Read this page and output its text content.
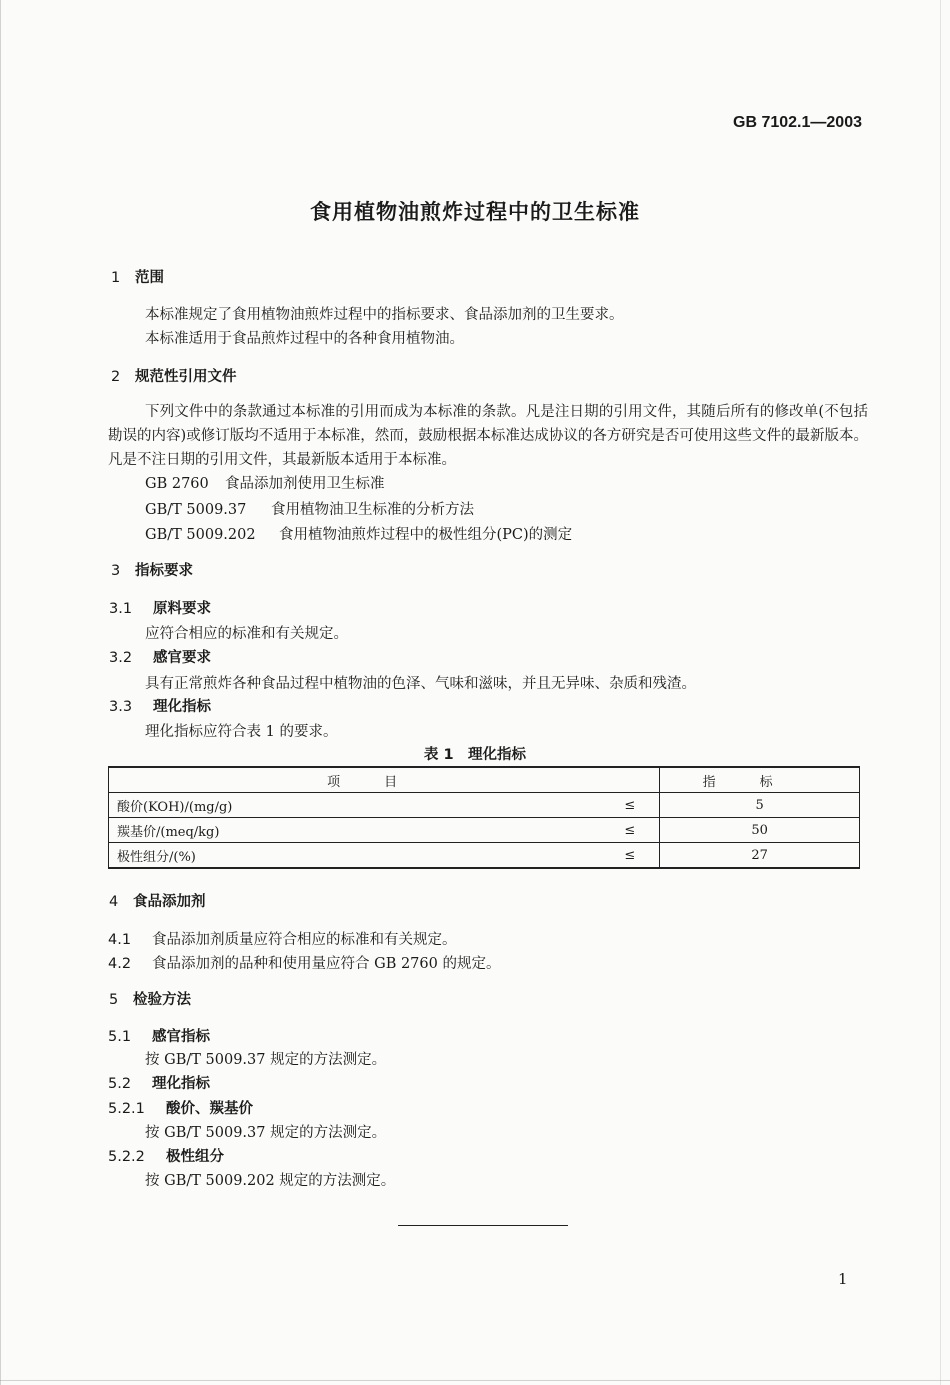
GB 7102.1—2003
食用植物油煎炸过程中的卫生标准
1 范围
本标准规定了食用植物油煎炸过程中的指标要求、食品添加剂的卫生要求。
本标准适用于食品煎炸过程中的各种食用植物油。
2 规范性引用文件
下列文件中的条款通过本标准的引用而成为本标准的条款。凡是注日期的引用文件，其随后所有的修改单(不包括勘误的内容)或修订版均不适用于本标准，然而，鼓励根据本标准达成协议的各方研究是否可使用这些文件的最新版本。凡是不注日期的引用文件，其最新版本适用于本标准。
GB 2760 食品添加剂使用卫生标准
GB/T 5009.37 食用植物油卫生标准的分析方法
GB/T 5009.202 食用植物油煎炸过程中的极性组分(PC)的测定
3 指标要求
3.1 原料要求
应符合相应的标准和有关规定。
3.2 感官要求
具有正常煎炸各种食品过程中植物油的色泽、气味和滋味，并且无异味、杂质和残渣。
3.3 理化指标
理化指标应符合表 1 的要求。
表 1　理化指标
项目		指标
酸价(KOH)/(mg/g)	≤	5
羰基价/(meq/kg)	≤	50
极性组分/(%)	≤	27
4 食品添加剂
4.1 食品添加剂质量应符合相应的标准和有关规定。
4.2 食品添加剂的品种和使用量应符合 GB 2760 的规定。
5 检验方法
5.1 感官指标
按 GB/T 5009.37 规定的方法测定。
5.2 理化指标
5.2.1 酸价、羰基价
按 GB/T 5009.37 规定的方法测定。
5.2.2 极性组分
按 GB/T 5009.202 规定的方法测定。
1
